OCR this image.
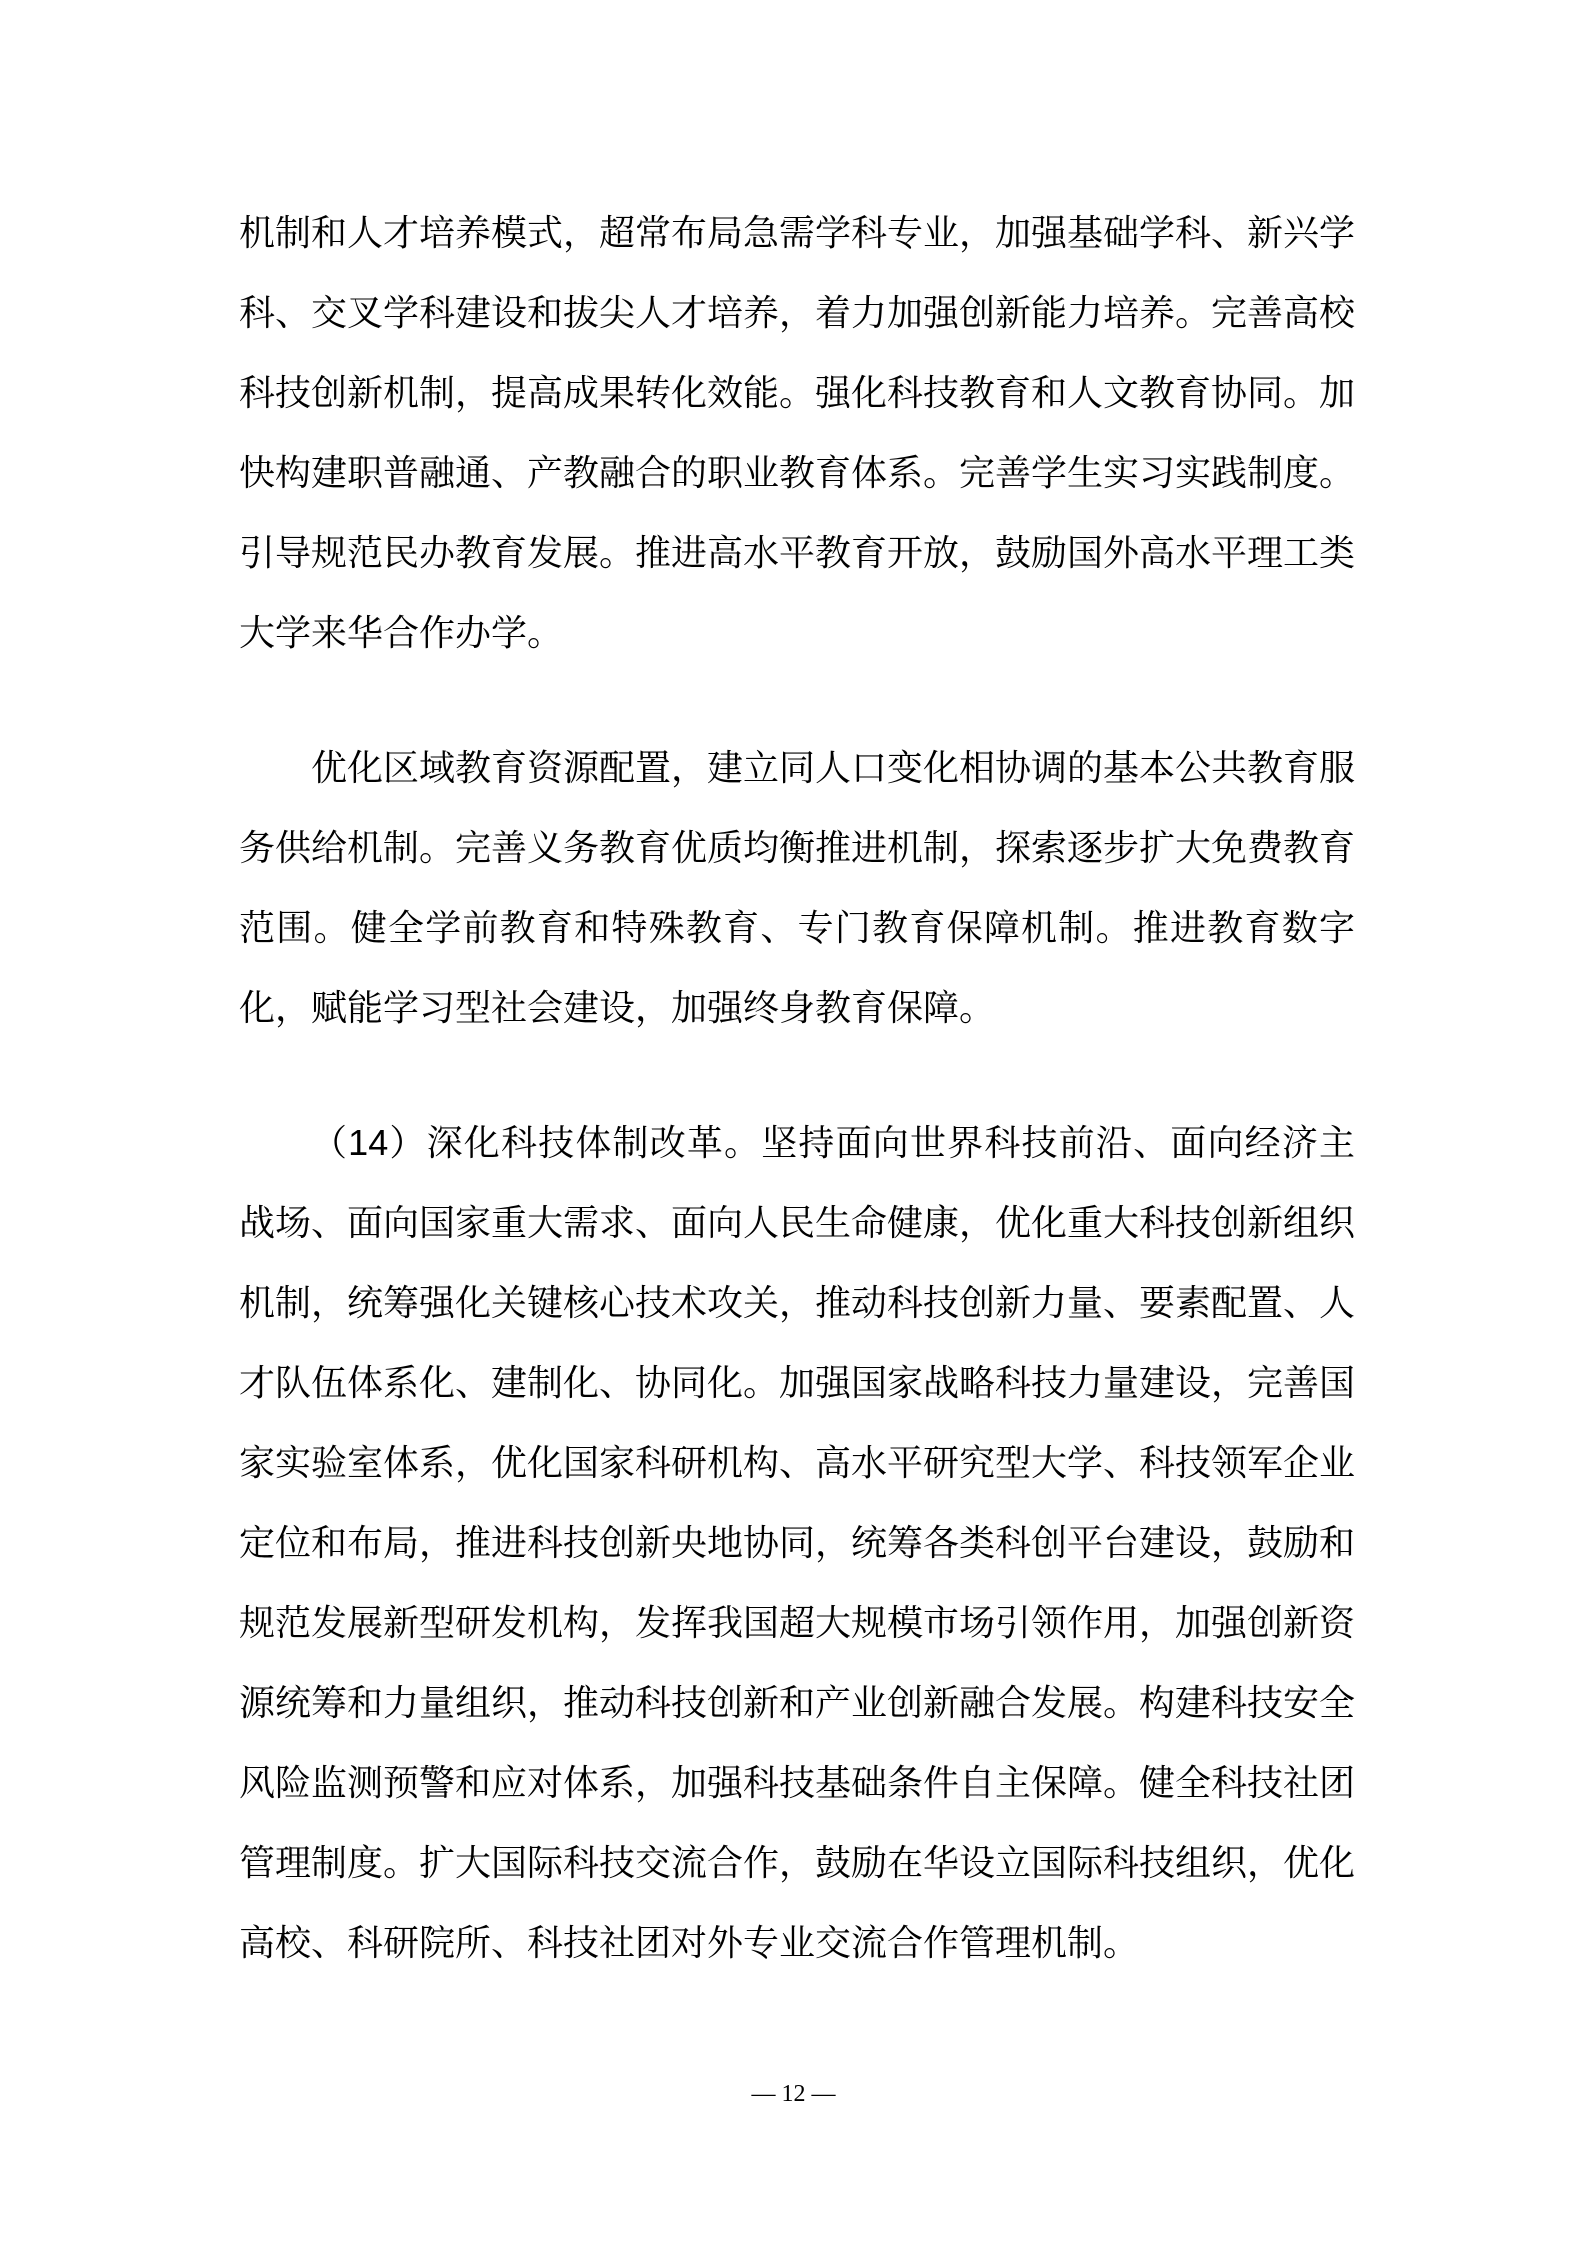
机制和人才培养模式，超常布局急需学科专业，加强基础学科、新兴学科、交叉学科建设和拔尖人才培养，着力加强创新能力培养。完善高校科技创新机制，提高成果转化效能。强化科技教育和人文教育协同。加快构建职普融通、产教融合的职业教育体系。完善学生实习实践制度。引导规范民办教育发展。推进高水平教育开放，鼓励国外高水平理工类大学来华合作办学。

优化区域教育资源配置，建立同人口变化相协调的基本公共教育服务供给机制。完善义务教育优质均衡推进机制，探索逐步扩大免费教育范围。健全学前教育和特殊教育、专门教育保障机制。推进教育数字化，赋能学习型社会建设，加强终身教育保障。

（14）深化科技体制改革。坚持面向世界科技前沿、面向经济主战场、面向国家重大需求、面向人民生命健康，优化重大科技创新组织机制，统筹强化关键核心技术攻关，推动科技创新力量、要素配置、人才队伍体系化、建制化、协同化。加强国家战略科技力量建设，完善国家实验室体系，优化国家科研机构、高水平研究型大学、科技领军企业定位和布局，推进科技创新央地协同，统筹各类科创平台建设，鼓励和规范发展新型研发机构，发挥我国超大规模市场引领作用，加强创新资源统筹和力量组织，推动科技创新和产业创新融合发展。构建科技安全风险监测预警和应对体系，加强科技基础条件自主保障。健全科技社团管理制度。扩大国际科技交流合作，鼓励在华设立国际科技组织，优化高校、科研院所、科技社团对外专业交流合作管理机制。

— 12 —
